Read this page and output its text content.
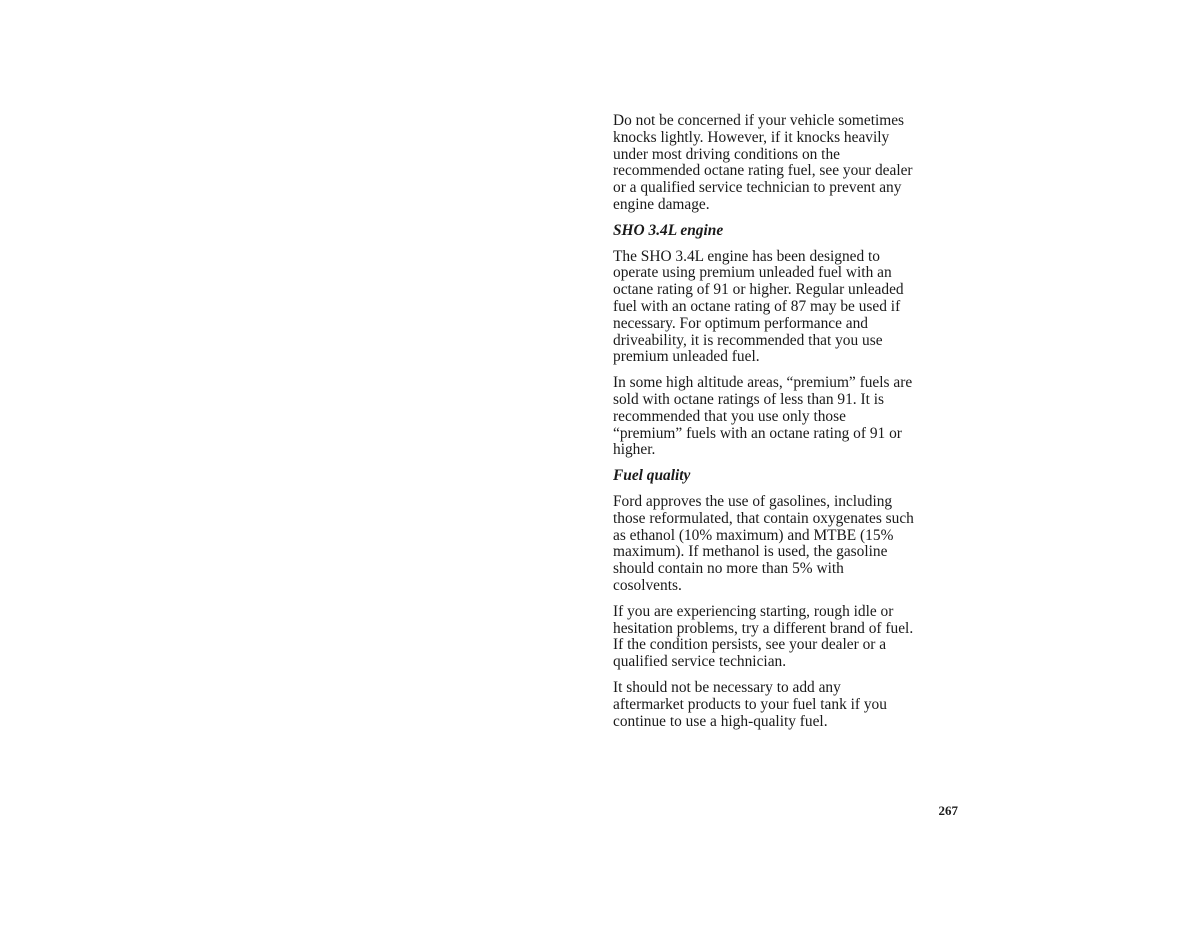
Do not be concerned if your vehicle sometimes
knocks lightly. However, if it knocks heavily
under most driving conditions on the
recommended octane rating fuel, see your dealer
or a qualified service technician to prevent any
engine damage.

SHO 3.4L engine

The SHO 3.4L engine has been designed to
operate using premium unleaded fuel with an
octane rating of 91 or higher. Regular unleaded
fuel with an octane rating of 87 may be used if
necessary. For optimum performance and
driveability, it is recommended that you use
premium unleaded fuel.

In some high altitude areas, “premium” fuels are
sold with octane ratings of less than 91. It is
recommended that you use only those
“premium” fuels with an octane rating of 91 or
higher.

Fuel quality

Ford approves the use of gasolines, including
those reformulated, that contain oxygenates such
as ethanol (10% maximum) and MTBE (15%
maximum). If methanol is used, the gasoline
should contain no more than 5% with
cosolvents.

If you are experiencing starting, rough idle or
hesitation problems, try a different brand of fuel.
If the condition persists, see your dealer or a
qualified service technician.

It should not be necessary to add any
aftermarket products to your fuel tank if you
continue to use a high-quality fuel.

267
